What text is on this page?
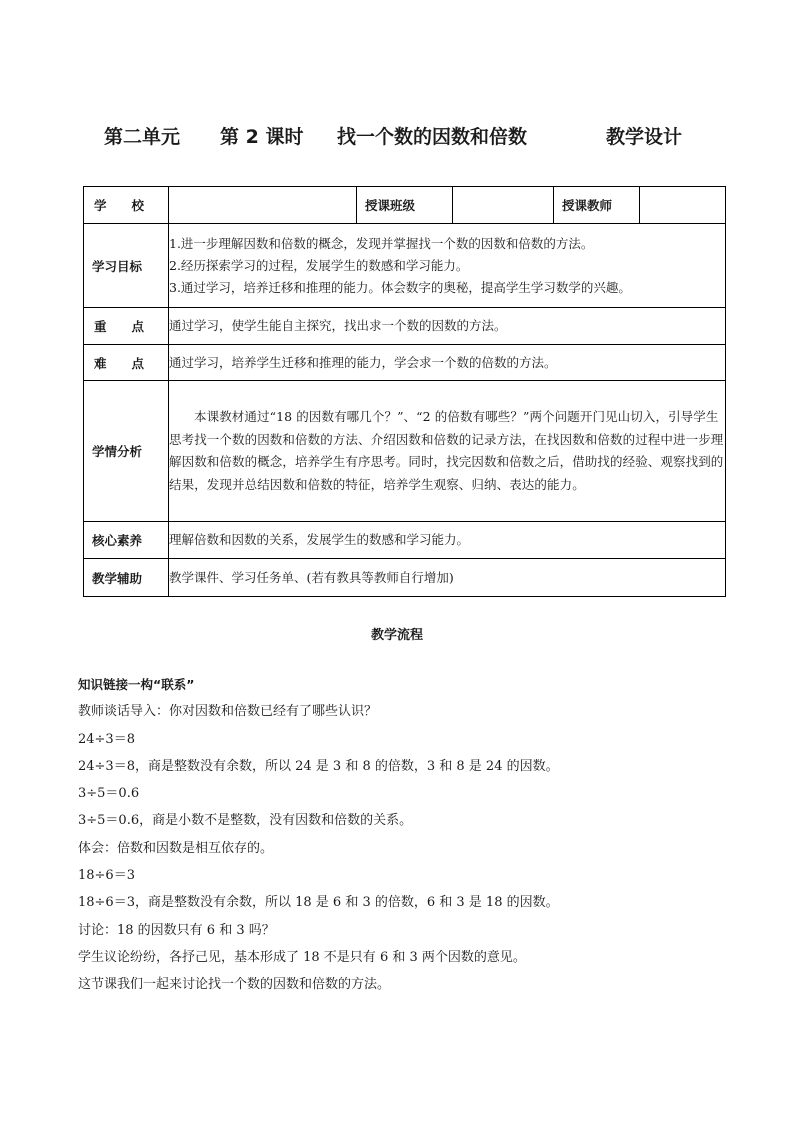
第二单元 第 2 课时 找一个数的因数和倍数	教学设计
学　　校		授课班级		授课教师	

学习目标	1.进一步理解因数和倍数的概念，发现并掌握找一个数的因数和倍数的方法。
2.经历探索学习的过程，发展学生的数感和学习能力。
3.通过学习，培养迁移和推理的能力。体会数字的奥秘，提高学生学习数学的兴趣。				

重　　点	通过学习，使学生能自主探究，找出求一个数的因数的方法。				

难　　点	通过学习，培养学生迁移和推理的能力，学会求一个数的倍数的方法。				

学情分析	本课教材通过“18 的因数有哪几个？”、“2 的倍数有哪些？”两个问题开门见山切入，引导学生思考找一个数的因数和倍数的方法、介绍因数和倍数的记录方法，在找因数和倍数的过程中进一步理解因数和倍数的概念，培养学生有序思考。同时，找完因数和倍数之后，借助找的经验、观察找到的结果，发现并总结因数和倍数的特征，培养学生观察、归纳、表达的能力。				

核心素养	理解倍数和因数的关系，发展学生的数感和学习能力。				

教学辅助	教学课件、学习任务单、(若有教具等教师自行增加)				
教学流程
知识链接一构“联系”
教师谈话导入：你对因数和倍数已经有了哪些认识？
24÷3＝8
24÷3＝8，商是整数没有余数，所以 24 是 3 和 8 的倍数，3 和 8 是 24 的因数。
3÷5＝0.6
3÷5＝0.6，商是小数不是整数，没有因数和倍数的关系。
体会：倍数和因数是相互依存的。
18÷6＝3
18÷6＝3，商是整数没有余数，所以 18 是 6 和 3 的倍数，6 和 3 是 18 的因数。
讨论：18 的因数只有 6 和 3 吗？
学生议论纷纷，各抒己见，基本形成了 18 不是只有 6 和 3 两个因数的意见。
这节课我们一起来讨论找一个数的因数和倍数的方法。
